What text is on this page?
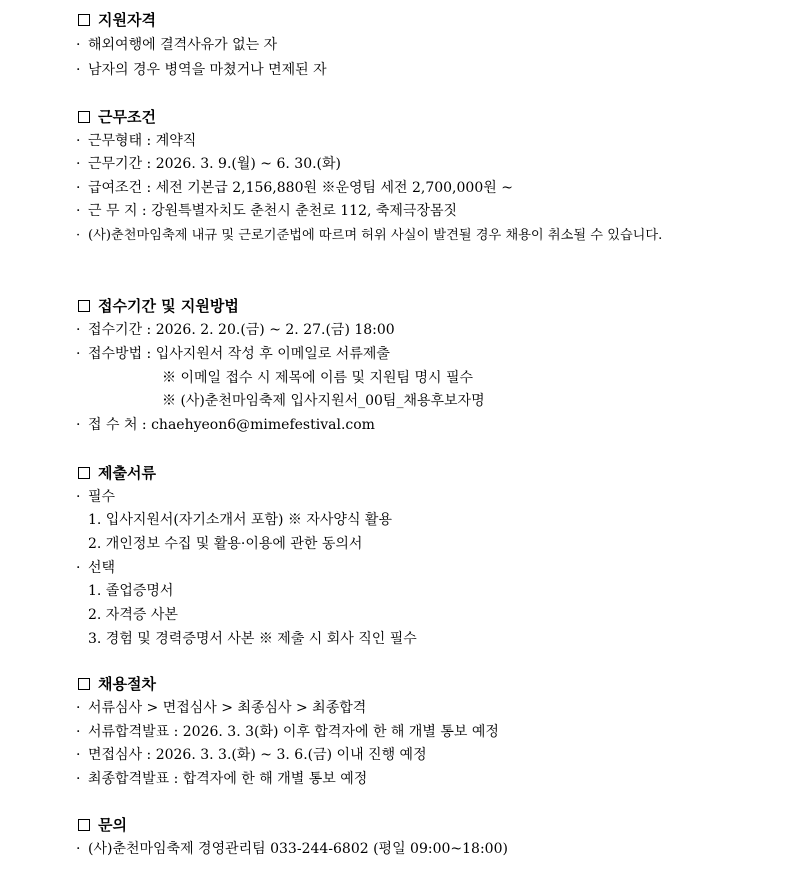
지원자격
· 해외여행에 결격사유가 없는 자
· 남자의 경우 병역을 마쳤거나 면제된 자
근무조건
· 근무형태 : 계약직
· 근무기간 : 2026. 3. 9.(월) ~ 6. 30.(화)
· 급여조건 : 세전 기본급 2,156,880원 ※운영팀 세전 2,700,000원 ~
· 근 무 지 : 강원특별자치도 춘천시 춘천로 112, 축제극장몸짓
· (사)춘천마임축제 내규 및 근로기준법에 따르며 허위 사실이 발견될 경우 채용이 취소될 수 있습니다.
접수기간 및 지원방법
· 접수기간 : 2026. 2. 20.(금) ~ 2. 27.(금) 18:00
· 접수방법 : 입사지원서 작성 후 이메일로 서류제출
※ 이메일 접수 시 제목에 이름 및 지원팀 명시 필수
※ (사)춘천마임축제 입사지원서_00팀_채용후보자명
· 접 수 처 : chaehyeon6@mimefestival.com
제출서류
· 필수
1. 입사지원서(자기소개서 포함) ※ 자사양식 활용
2. 개인정보 수집 및 활용·이용에 관한 동의서
· 선택
1. 졸업증명서
2. 자격증 사본
3. 경험 및 경력증명서 사본 ※ 제출 시 회사 직인 필수
채용절차
· 서류심사 > 면접심사 > 최종심사 > 최종합격
· 서류합격발표 : 2026. 3. 3(화) 이후 합격자에 한 해 개별 통보 예정
· 면접심사 : 2026. 3. 3.(화) ~ 3. 6.(금) 이내 진행 예정
· 최종합격발표 : 합격자에 한 해 개별 통보 예정
문의
· (사)춘천마임축제 경영관리팀 033-244-6802 (평일 09:00~18:00)
